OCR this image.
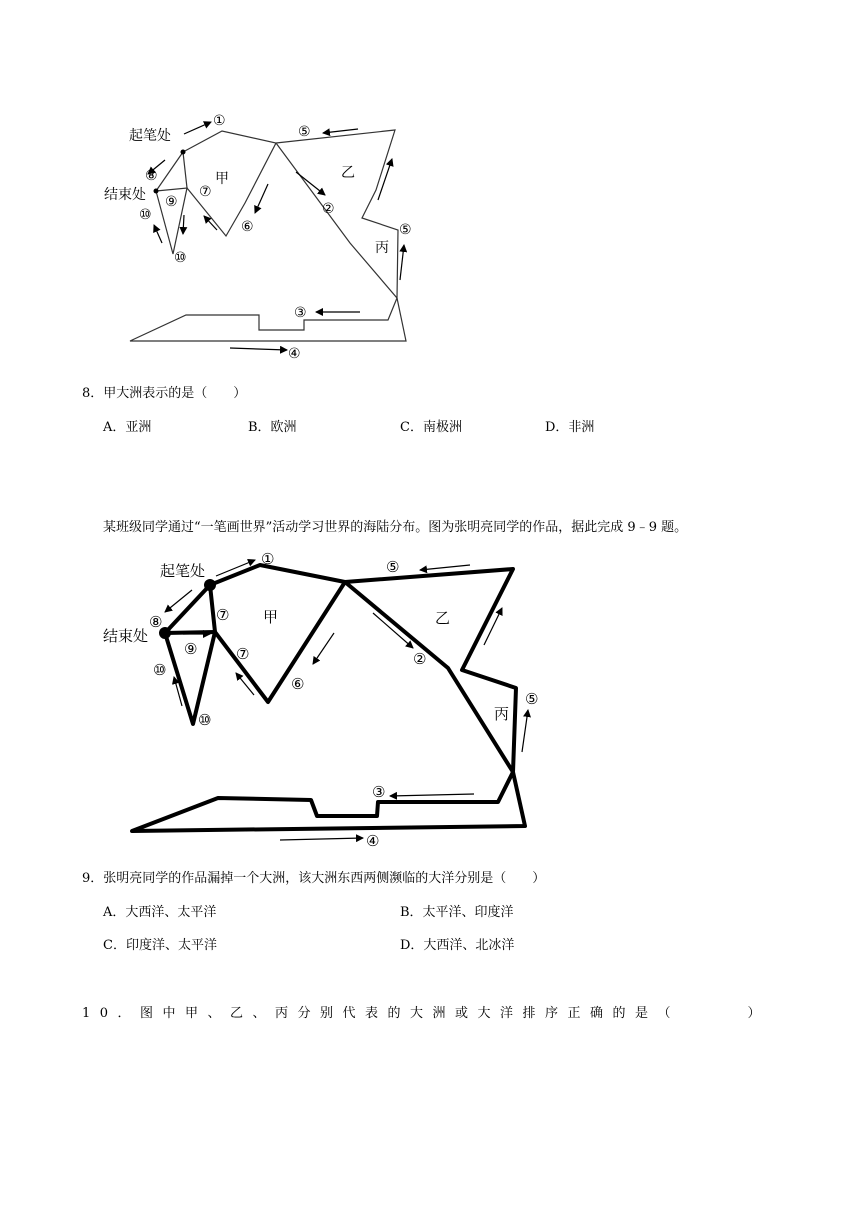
起笔处
结束处
甲	乙
丙
①
②
③
④
⑤
⑥
⑦
⑧
⑨
⑩
⑩
⑤
8．甲大洲表示的是（　　）
A．亚洲	B．欧洲	C．南极洲	D．非洲
某班级同学通过“一笔画世界”活动学习世界的海陆分布。图为张明亮同学的作品，据此完成 9﹣9 题。
起笔处
结束处
甲	乙
丙
①
②
③
④
⑤
⑥
⑦
⑦
⑧
⑨
⑩
⑩
⑤
9．张明亮同学的作品漏掉一个大洲，该大洲东西两侧濒临的大洋分别是（　　）
A．大西洋、太平洋	B．太平洋、印度洋
C．印度洋、太平洋	D．大西洋、北冰洋
10．图中甲、乙、丙分别代表的大洲或大洋排序正确的是（　　　）
